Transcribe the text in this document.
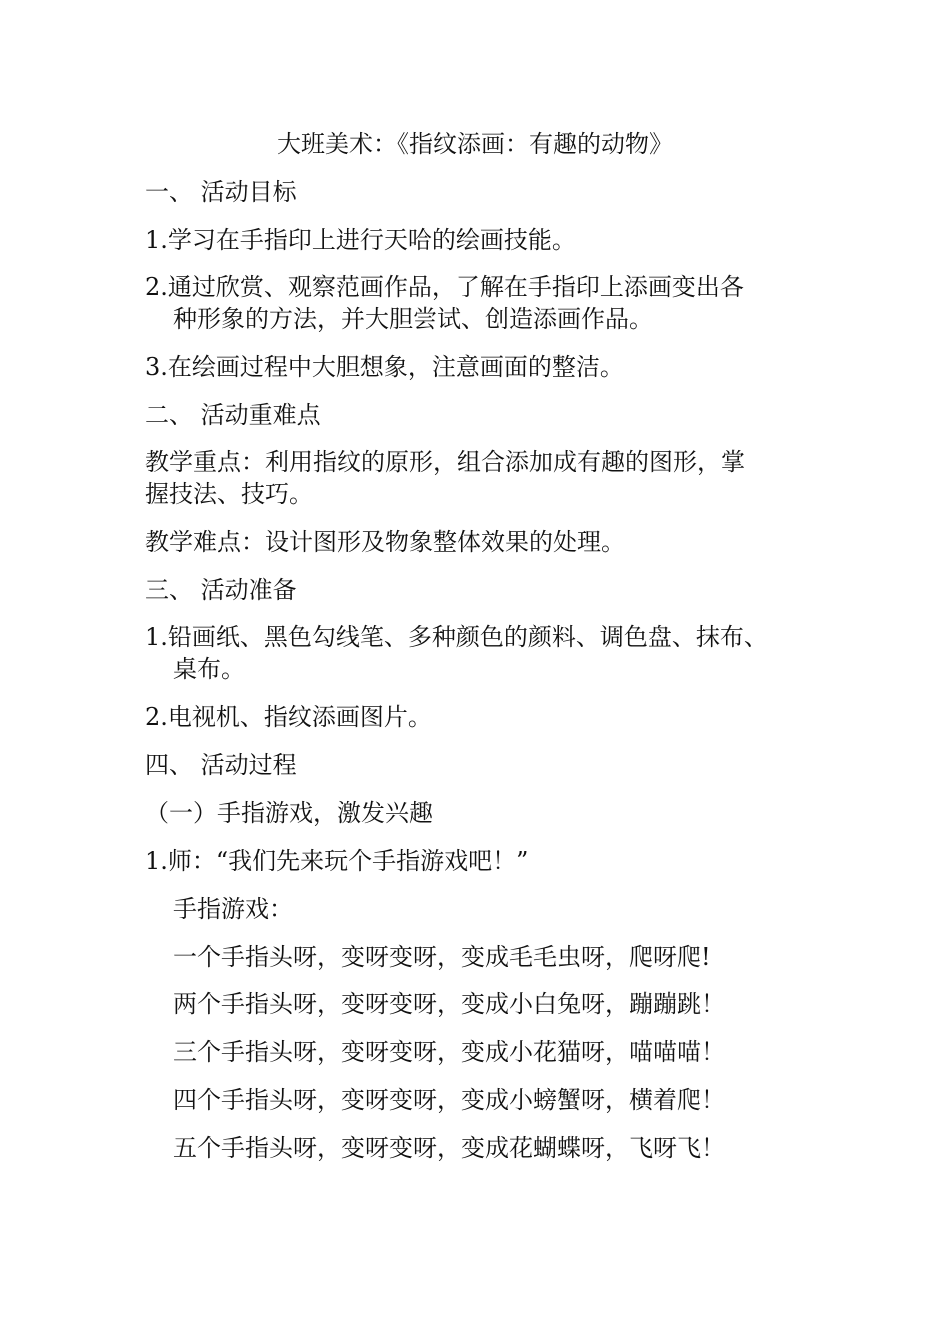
大班美术：《指纹添画：有趣的动物》
一、 活动目标
1.学习在手指印上进行天哈的绘画技能。
2.通过欣赏、观察范画作品，了解在手指印上添画变出各
种形象的方法，并大胆尝试、创造添画作品。
3.在绘画过程中大胆想象，注意画面的整洁。
二、 活动重难点
教学重点：利用指纹的原形，组合添加成有趣的图形，掌
握技法、技巧。
教学难点：设计图形及物象整体效果的处理。
三、 活动准备
1.铅画纸、黑色勾线笔、多种颜色的颜料、调色盘、抹布、
桌布。
2.电视机、指纹添画图片。
四、 活动过程
（一）手指游戏，激发兴趣
1.师：“我们先来玩个手指游戏吧！”
手指游戏：
一个手指头呀，变呀变呀，变成毛毛虫呀，爬呀爬!
两个手指头呀，变呀变呀，变成小白兔呀，蹦蹦跳！
三个手指头呀，变呀变呀，变成小花猫呀，喵喵喵！
四个手指头呀，变呀变呀，变成小螃蟹呀，横着爬！
五个手指头呀，变呀变呀，变成花蝴蝶呀，飞呀飞！
